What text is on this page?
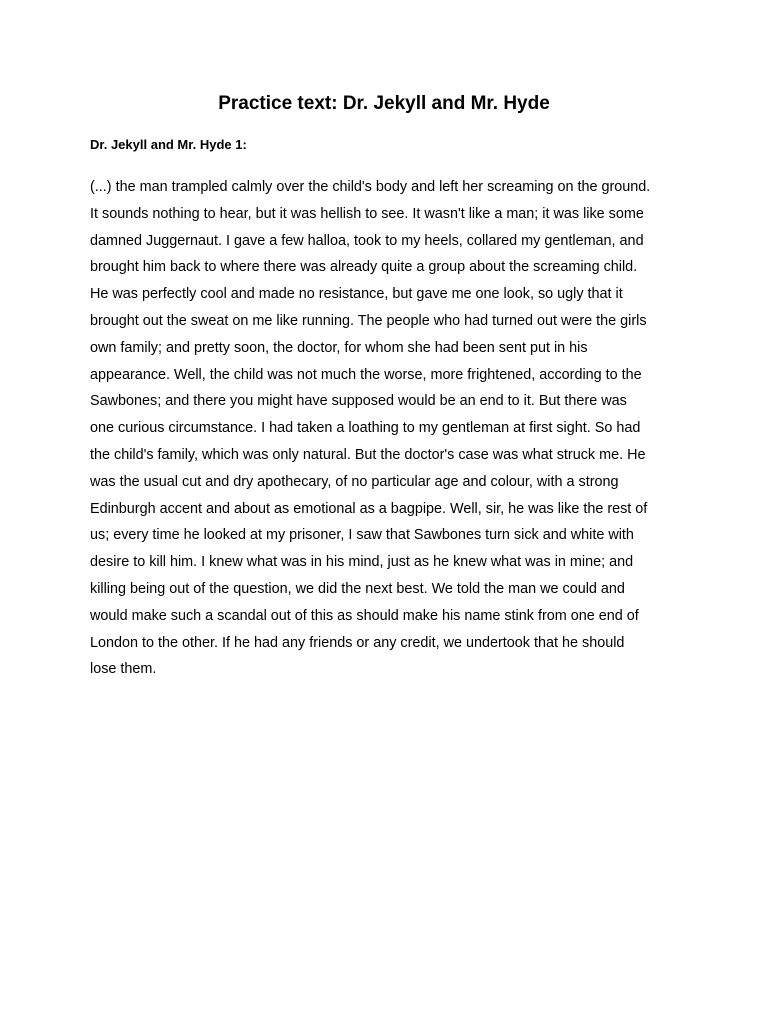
Practice text: Dr. Jekyll and Mr. Hyde
Dr. Jekyll and Mr. Hyde 1:

(...) the man trampled calmly over the child's body and left her screaming on the ground.
It sounds nothing to hear, but it was hellish to see. It wasn't like a man; it was like some
damned Juggernaut. I gave a few halloa, took to my heels, collared my gentleman, and
brought him back to where there was already quite a group about the screaming child.
He was perfectly cool and made no resistance, but gave me one look, so ugly that it
brought out the sweat on me like running. The people who had turned out were the girls
own family; and pretty soon, the doctor, for whom she had been sent put in his
appearance. Well, the child was not much the worse, more frightened, according to the
Sawbones; and there you might have supposed would be an end to it. But there was
one curious circumstance. I had taken a loathing to my gentleman at first sight. So had
the child's family, which was only natural. But the doctor's case was what struck me. He
was the usual cut and dry apothecary, of no particular age and colour, with a strong
Edinburgh accent and about as emotional as a bagpipe. Well, sir, he was like the rest of
us; every time he looked at my prisoner, I saw that Sawbones turn sick and white with
desire to kill him. I knew what was in his mind, just as he knew what was in mine; and
killing being out of the question, we did the next best. We told the man we could and
would make such a scandal out of this as should make his name stink from one end of
London to the other. If he had any friends or any credit, we undertook that he should
lose them.
